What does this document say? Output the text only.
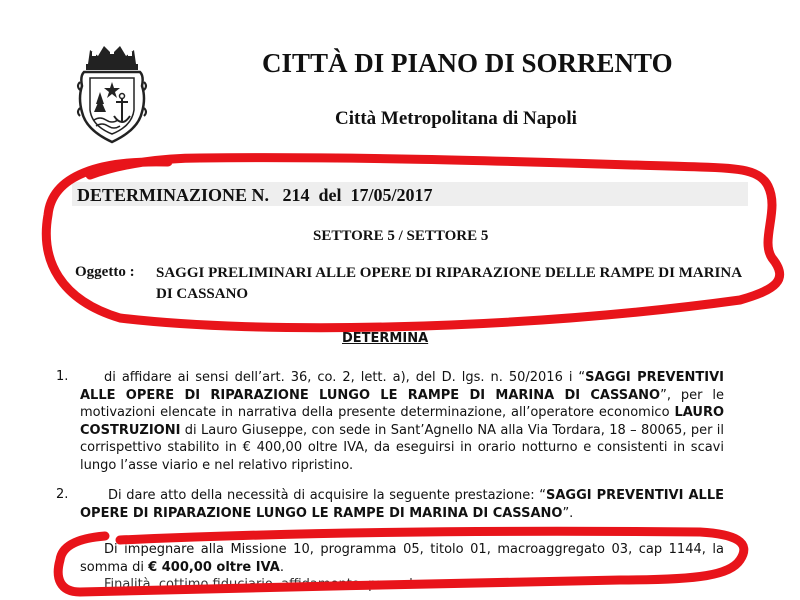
CITTÀ DI PIANO DI SORRENTO
Città Metropolitana di Napoli
DETERMINAZIONE N. 214 del 17/05/2017
SETTORE 5 / SETTORE 5
Oggetto : SAGGI PRELIMINARI ALLE OPERE DI RIPARAZIONE DELLE RAMPE DI MARINA DI CASSANO
DETERMINA
1.	di affidare ai sensi dell’art. 36, co. 2, lett. a), del D. lgs. n. 50/2016 i “SAGGI PREVENTIVI ALLE OPERE DI RIPARAZIONE LUNGO LE RAMPE DI MARINA DI CASSANO”, per le motivazioni elencate in narrativa della presente determinazione, all’operatore economico LAURO COSTRUZIONI di Lauro Giuseppe, con sede in Sant’Agnello NA alla Via Tordara, 18 – 80065, per il corrispettivo stabilito in € 400,00 oltre IVA, da eseguirsi in orario notturno e consistenti in scavi lungo l’asse viario e nel relativo ripristino.
2.	Di dare atto della necessità di acquisire la seguente prestazione: “SAGGI PREVENTIVI ALLE OPERE DI RIPARAZIONE LUNGO LE RAMPE DI MARINA DI CASSANO”.
Di impegnare alla Missione 10, programma 05, titolo 01, macroaggregato 03, cap 1144, la somma di € 400,00 oltre IVA.
Finalità, cottimo fiduciario, affidamento, procedura
